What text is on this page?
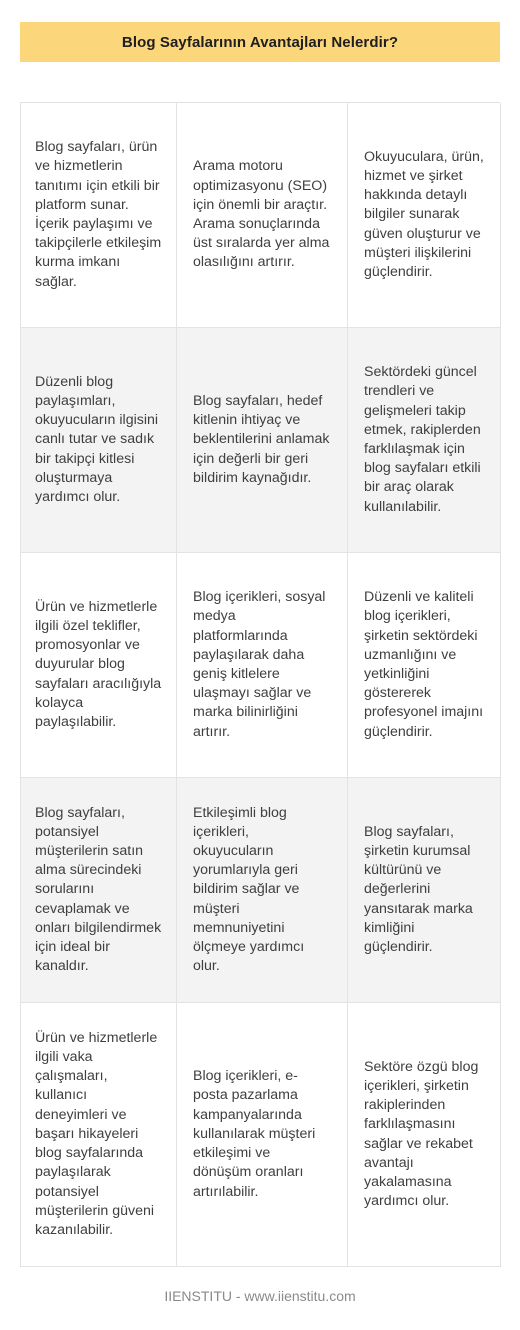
Blog Sayfalarının Avantajları Nelerdir?
Blog sayfaları, ürün ve hizmetlerin tanıtımı için etkili bir platform sunar. İçerik paylaşımı ve takipçilerle etkileşim kurma imkanı sağlar.
Arama motoru optimizasyonu (SEO) için önemli bir araçtır. Arama sonuçlarında üst sıralarda yer alma olasılığını artırır.
Okuyuculara, ürün, hizmet ve şirket hakkında detaylı bilgiler sunarak güven oluşturur ve müşteri ilişkilerini güçlendirir.
Düzenli blog paylaşımları, okuyucuların ilgisini canlı tutar ve sadık bir takipçi kitlesi oluşturmaya yardımcı olur.
Blog sayfaları, hedef kitlenin ihtiyaç ve beklentilerini anlamak için değerli bir geri bildirim kaynağıdır.
Sektördeki güncel trendleri ve gelişmeleri takip etmek, rakiplerden farklılaşmak için blog sayfaları etkili bir araç olarak kullanılabilir.
Ürün ve hizmetlerle ilgili özel teklifler, promosyonlar ve duyurular blog sayfaları aracılığıyla kolayca paylaşılabilir.
Blog içerikleri, sosyal medya platformlarında paylaşılarak daha geniş kitlelere ulaşmayı sağlar ve marka bilinirliğini artırır.
Düzenli ve kaliteli blog içerikleri, şirketin sektördeki uzmanlığını ve yetkinliğini göstererek profesyonel imajını güçlendirir.
Blog sayfaları, potansiyel müşterilerin satın alma sürecindeki sorularını cevaplamak ve onları bilgilendirmek için ideal bir kanaldır.
Etkileşimli blog içerikleri, okuyucuların yorumlarıyla geri bildirim sağlar ve müşteri memnuniyetini ölçmeye yardımcı olur.
Blog sayfaları, şirketin kurumsal kültürünü ve değerlerini yansıtarak marka kimliğini güçlendirir.
Ürün ve hizmetlerle ilgili vaka çalışmaları, kullanıcı deneyimleri ve başarı hikayeleri blog sayfalarında paylaşılarak potansiyel müşterilerin güveni kazanılabilir.
Blog içerikleri, e-posta pazarlama kampanyalarında kullanılarak müşteri etkileşimi ve dönüşüm oranları artırılabilir.
Sektöre özgü blog içerikleri, şirketin rakiplerinden farklılaşmasını sağlar ve rekabet avantajı yakalamasına yardımcı olur.
IIENSTITU - www.iienstitu.com
